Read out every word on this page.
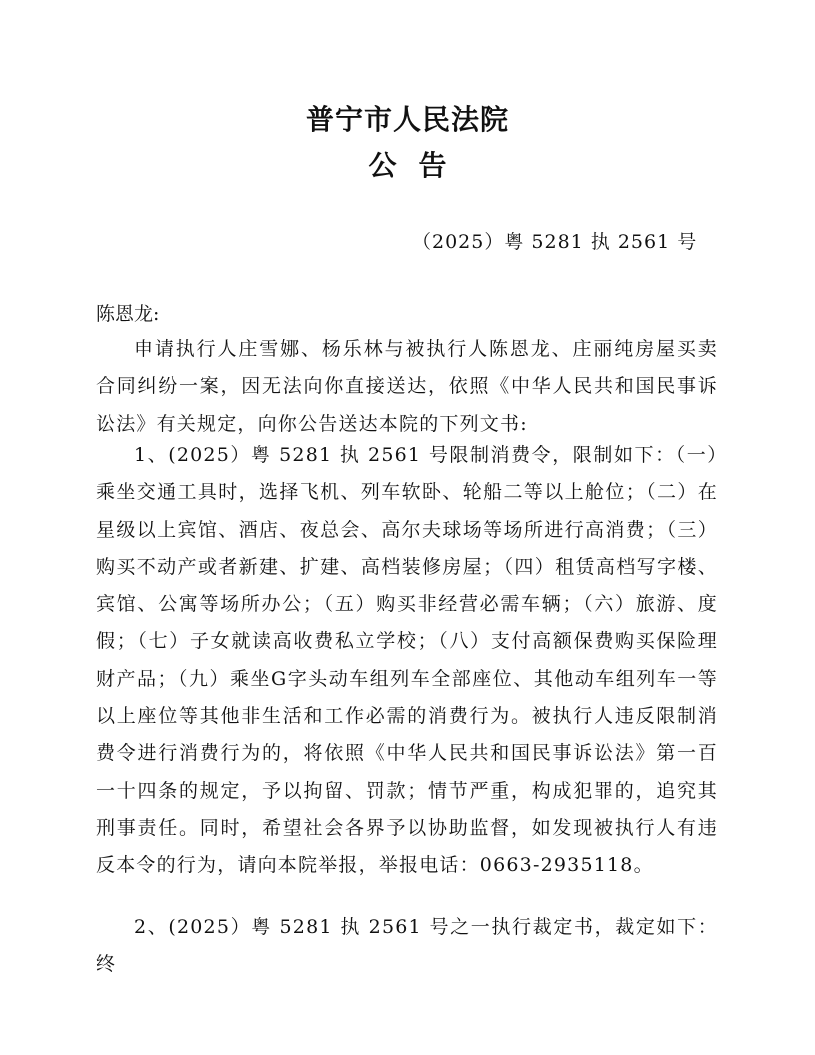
普宁市人民法院
公 告
（2025）粤 5281 执 2561 号
陈恩龙:

申请执行人庄雪娜、杨乐林与被执行人陈恩龙、庄丽纯房屋买卖合同纠纷一案，因无法向你直接送达，依照《中华人民共和国民事诉讼法》有关规定，向你公告送达本院的下列文书:

1、(2025）粤 5281 执 2561 号限制消费令，限制如下：（一）乘坐交通工具时，选择飞机、列车软卧、轮船二等以上舱位；（二）在星级以上宾馆、酒店、夜总会、高尔夫球场等场所进行高消费；（三）购买不动产或者新建、扩建、高档装修房屋；（四）租赁高档写字楼、宾馆、公寓等场所办公；（五）购买非经营必需车辆；（六）旅游、度假；（七）子女就读高收费私立学校；（八）支付高额保费购买保险理财产品；（九）乘坐G字头动车组列车全部座位、其他动车组列车一等以上座位等其他非生活和工作必需的消费行为。被执行人违反限制消费令进行消费行为的，将依照《中华人民共和国民事诉讼法》第一百一十四条的规定，予以拘留、罚款；情节严重，构成犯罪的，追究其刑事责任。同时，希望社会各界予以协助监督，如发现被执行人有违反本令的行为，请向本院举报，举报电话：0663-2935118。

2、(2025）粤 5281 执 2561 号之一执行裁定书，裁定如下：终
